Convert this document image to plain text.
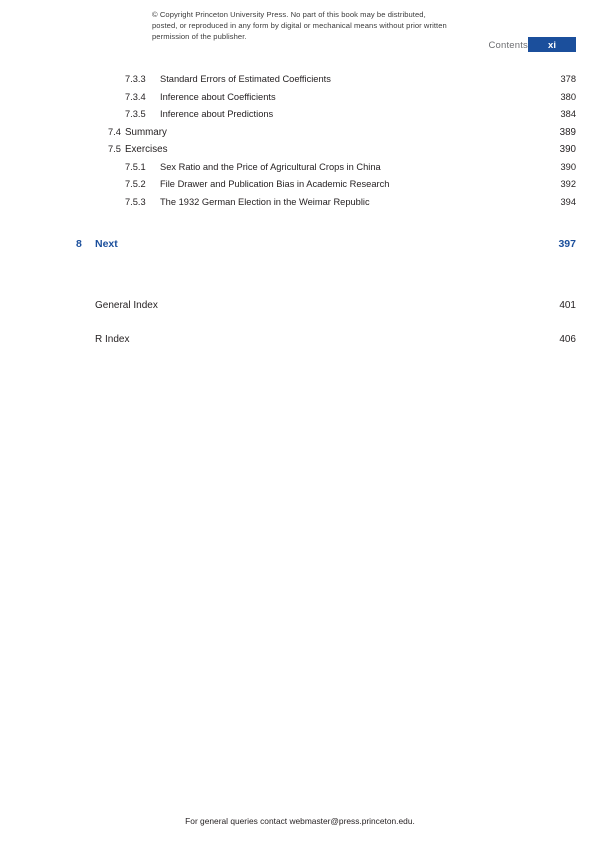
© Copyright Princeton University Press. No part of this book may be distributed, posted, or reproduced in any form by digital or mechanical means without prior written permission of the publisher.
Contents	xi
7.3.3 Standard Errors of Estimated Coefficients	378
7.3.4 Inference about Coefficients	380
7.3.5 Inference about Predictions	384
7.4 Summary	389
7.5 Exercises	390
7.5.1 Sex Ratio and the Price of Agricultural Crops in China	390
7.5.2 File Drawer and Publication Bias in Academic Research	392
7.5.3 The 1932 German Election in the Weimar Republic	394
8 Next	397
General Index	401
R Index	406
For general queries contact webmaster@press.princeton.edu.
